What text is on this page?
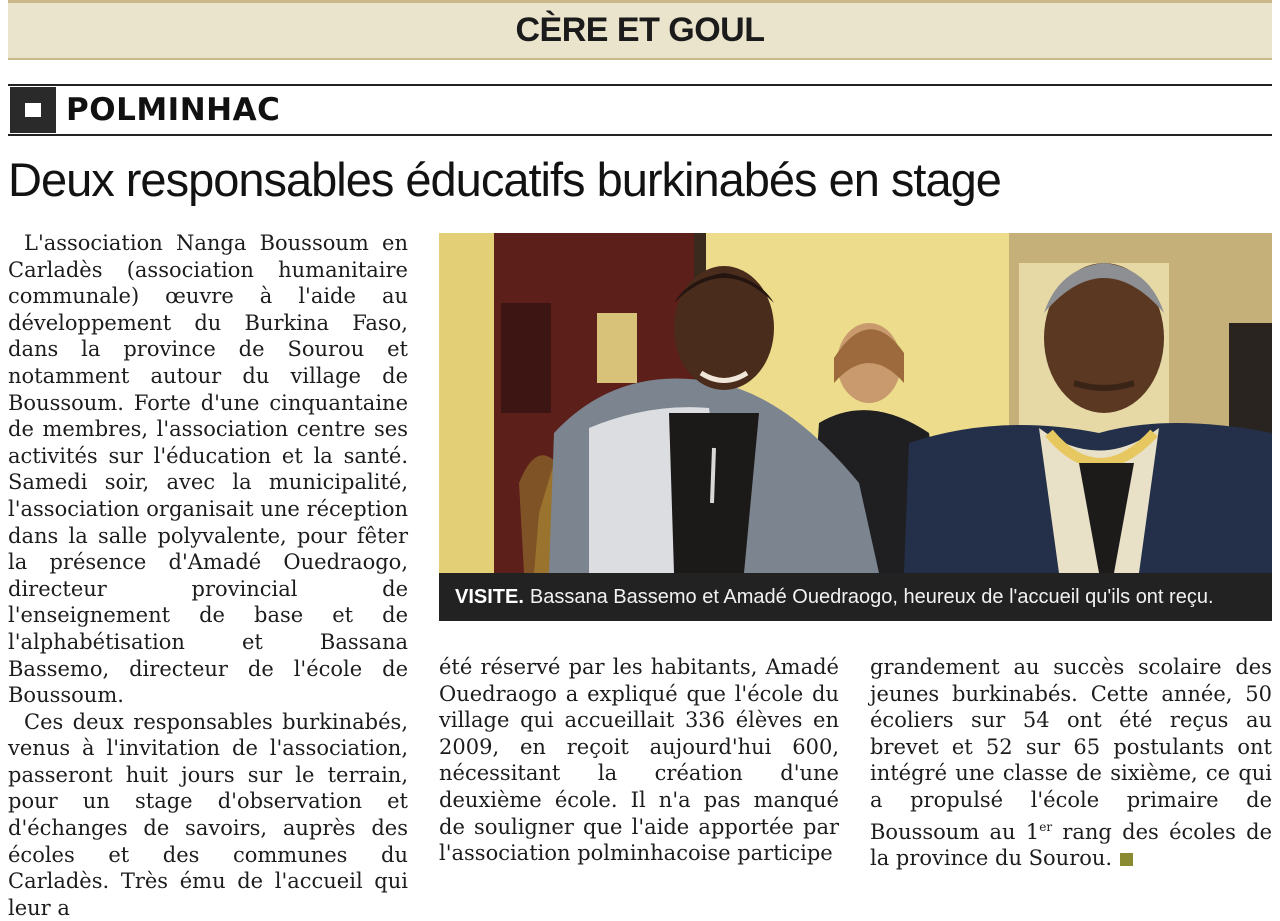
CÈRE ET GOUL
POLMINHAC
Deux responsables éducatifs burkinabés en stage

L'association Nanga Boussoum en Carladès (association humanitaire communale) œuvre à l'aide au développement du Burkina Faso, dans la province de Sourou et notamment autour du village de Boussoum. Forte d'une cinquantaine de membres, l'association centre ses activités sur l'éducation et la santé. Samedi soir, avec la municipalité, l'association organisait une réception dans la salle polyvalente, pour fêter la présence d'Amadé Ouedraogo, directeur provincial de l'enseignement de base et de l'alphabétisation et Bassana Bassemo, directeur de l'école de Boussoum.

Ces deux responsables burkinabés, venus à l'invitation de l'association, passeront huit jours sur le terrain, pour un stage d'observation et d'échanges de savoirs, auprès des écoles et des communes du Carladès. Très ému de l'accueil qui leur a

VISITE. Bassana Bassemo et Amadé Ouedraogo, heureux de l'accueil qu'ils ont reçu.

été réservé par les habitants, Amadé Ouedraogo a expliqué que l'école du village qui accueillait 336 élèves en 2009, en reçoit aujourd'hui 600, nécessitant la création d'une deuxième école. Il n'a pas manqué de souligner que l'aide apportée par l'association polminhacoise participe

grandement au succès scolaire des jeunes burkinabés. Cette année, 50 écoliers sur 54 ont été reçus au brevet et 52 sur 65 postulants ont intégré une classe de sixième, ce qui a propulsé l'école primaire de Boussoum au 1er rang des écoles de la province du Sourou.
